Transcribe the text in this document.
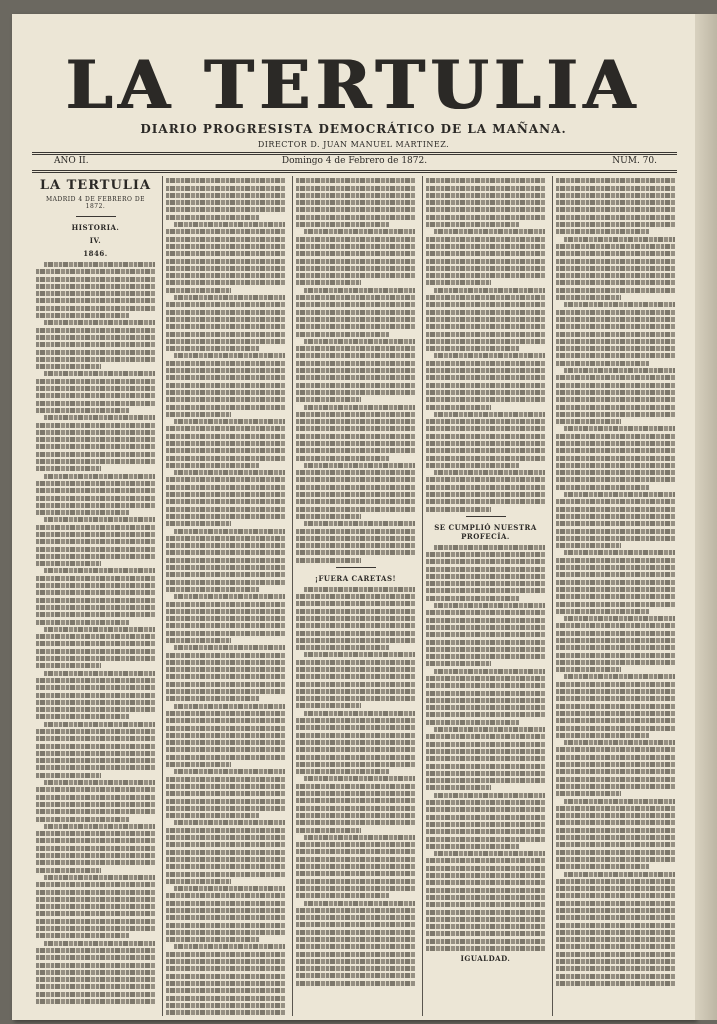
LA TERTULIA
DIARIO PROGRESISTA DEMOCRÁTICO DE LA MAÑANA.
DIRECTOR D. JUAN MANUEL MARTINEZ.
AÑO II.	Domingo 4 de Febrero de 1872.	NÚM. 70.
LA TERTULIA
MADRID 4 DE FEBRERO DE 1872.
HISTORIA.
IV.
1846.
¡FUERA CARETAS!
SE CUMPLIÓ NUESTRA PROFECÍA.
IGUALDAD.
